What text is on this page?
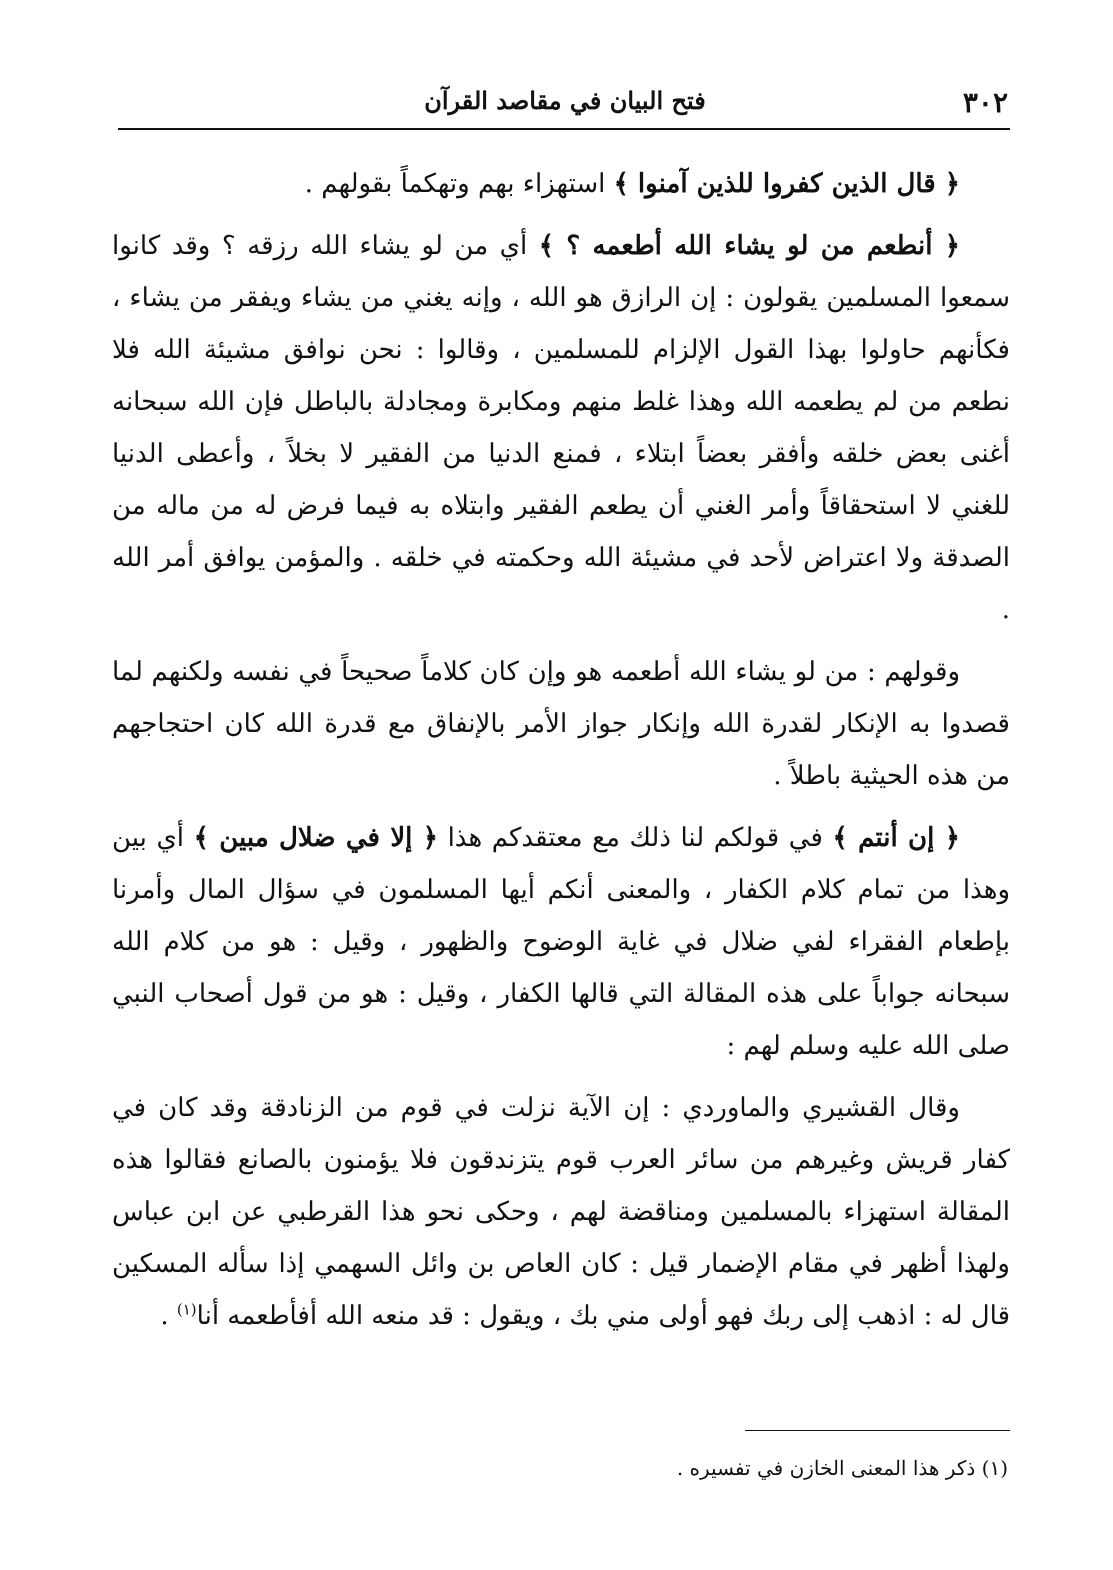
٣٠٢
فتح البيان في مقاصد القرآن

﴿ قال الذين كفروا للذين آمنوا ﴾ استهزاء بهم وتهكماً بقولهم .

﴿ أنطعم من لو يشاء الله أطعمه ؟ ﴾ أي من لو يشاء الله رزقه ؟ وقد كانوا سمعوا المسلمين يقولون : إن الرازق هو الله ، وإنه يغني من يشاء ويفقر من يشاء ، فكأنهم حاولوا بهذا القول الإلزام للمسلمين ، وقالوا : نحن نوافق مشيئة الله فلا نطعم من لم يطعمه الله وهذا غلط منهم ومكابرة ومجادلة بالباطل فإن الله سبحانه أغنى بعض خلقه وأفقر بعضاً ابتلاء ، فمنع الدنيا من الفقير لا بخلاً ، وأعطى الدنيا للغني لا استحقاقاً وأمر الغني أن يطعم الفقير وابتلاه به فيما فرض له من ماله من الصدقة ولا اعتراض لأحد في مشيئة الله وحكمته في خلقه . والمؤمن يوافق أمر الله .

وقولهم : من لو يشاء الله أطعمه هو وإن كان كلاماً صحيحاً في نفسه ولكنهم لما قصدوا به الإنكار لقدرة الله وإنكار جواز الأمر بالإنفاق مع قدرة الله كان احتجاجهم من هذه الحيثية باطلاً .

﴿ إن أنتم ﴾ في قولكم لنا ذلك مع معتقدكم هذا ﴿ إلا في ضلال مبين ﴾ أي بين وهذا من تمام كلام الكفار ، والمعنى أنكم أيها المسلمون في سؤال المال وأمرنا بإطعام الفقراء لفي ضلال في غاية الوضوح والظهور ، وقيل : هو من كلام الله سبحانه جواباً على هذه المقالة التي قالها الكفار ، وقيل : هو من قول أصحاب النبي صلى الله عليه وسلم لهم :

وقال القشيري والماوردي : إن الآية نزلت في قوم من الزنادقة وقد كان في كفار قريش وغيرهم من سائر العرب قوم يتزندقون فلا يؤمنون بالصانع فقالوا هذه المقالة استهزاء بالمسلمين ومناقضة لهم ، وحكى نحو هذا القرطبي عن ابن عباس ولهذا أظهر في مقام الإضمار قيل : كان العاص بن وائل السهمي إذا سأله المسكين قال له : اذهب إلى ربك فهو أولى مني بك ، ويقول : قد منعه الله أفأطعمه أنا$^{(١)}$ .

(١) ذكر هذا المعنى الخازن في تفسيره .
